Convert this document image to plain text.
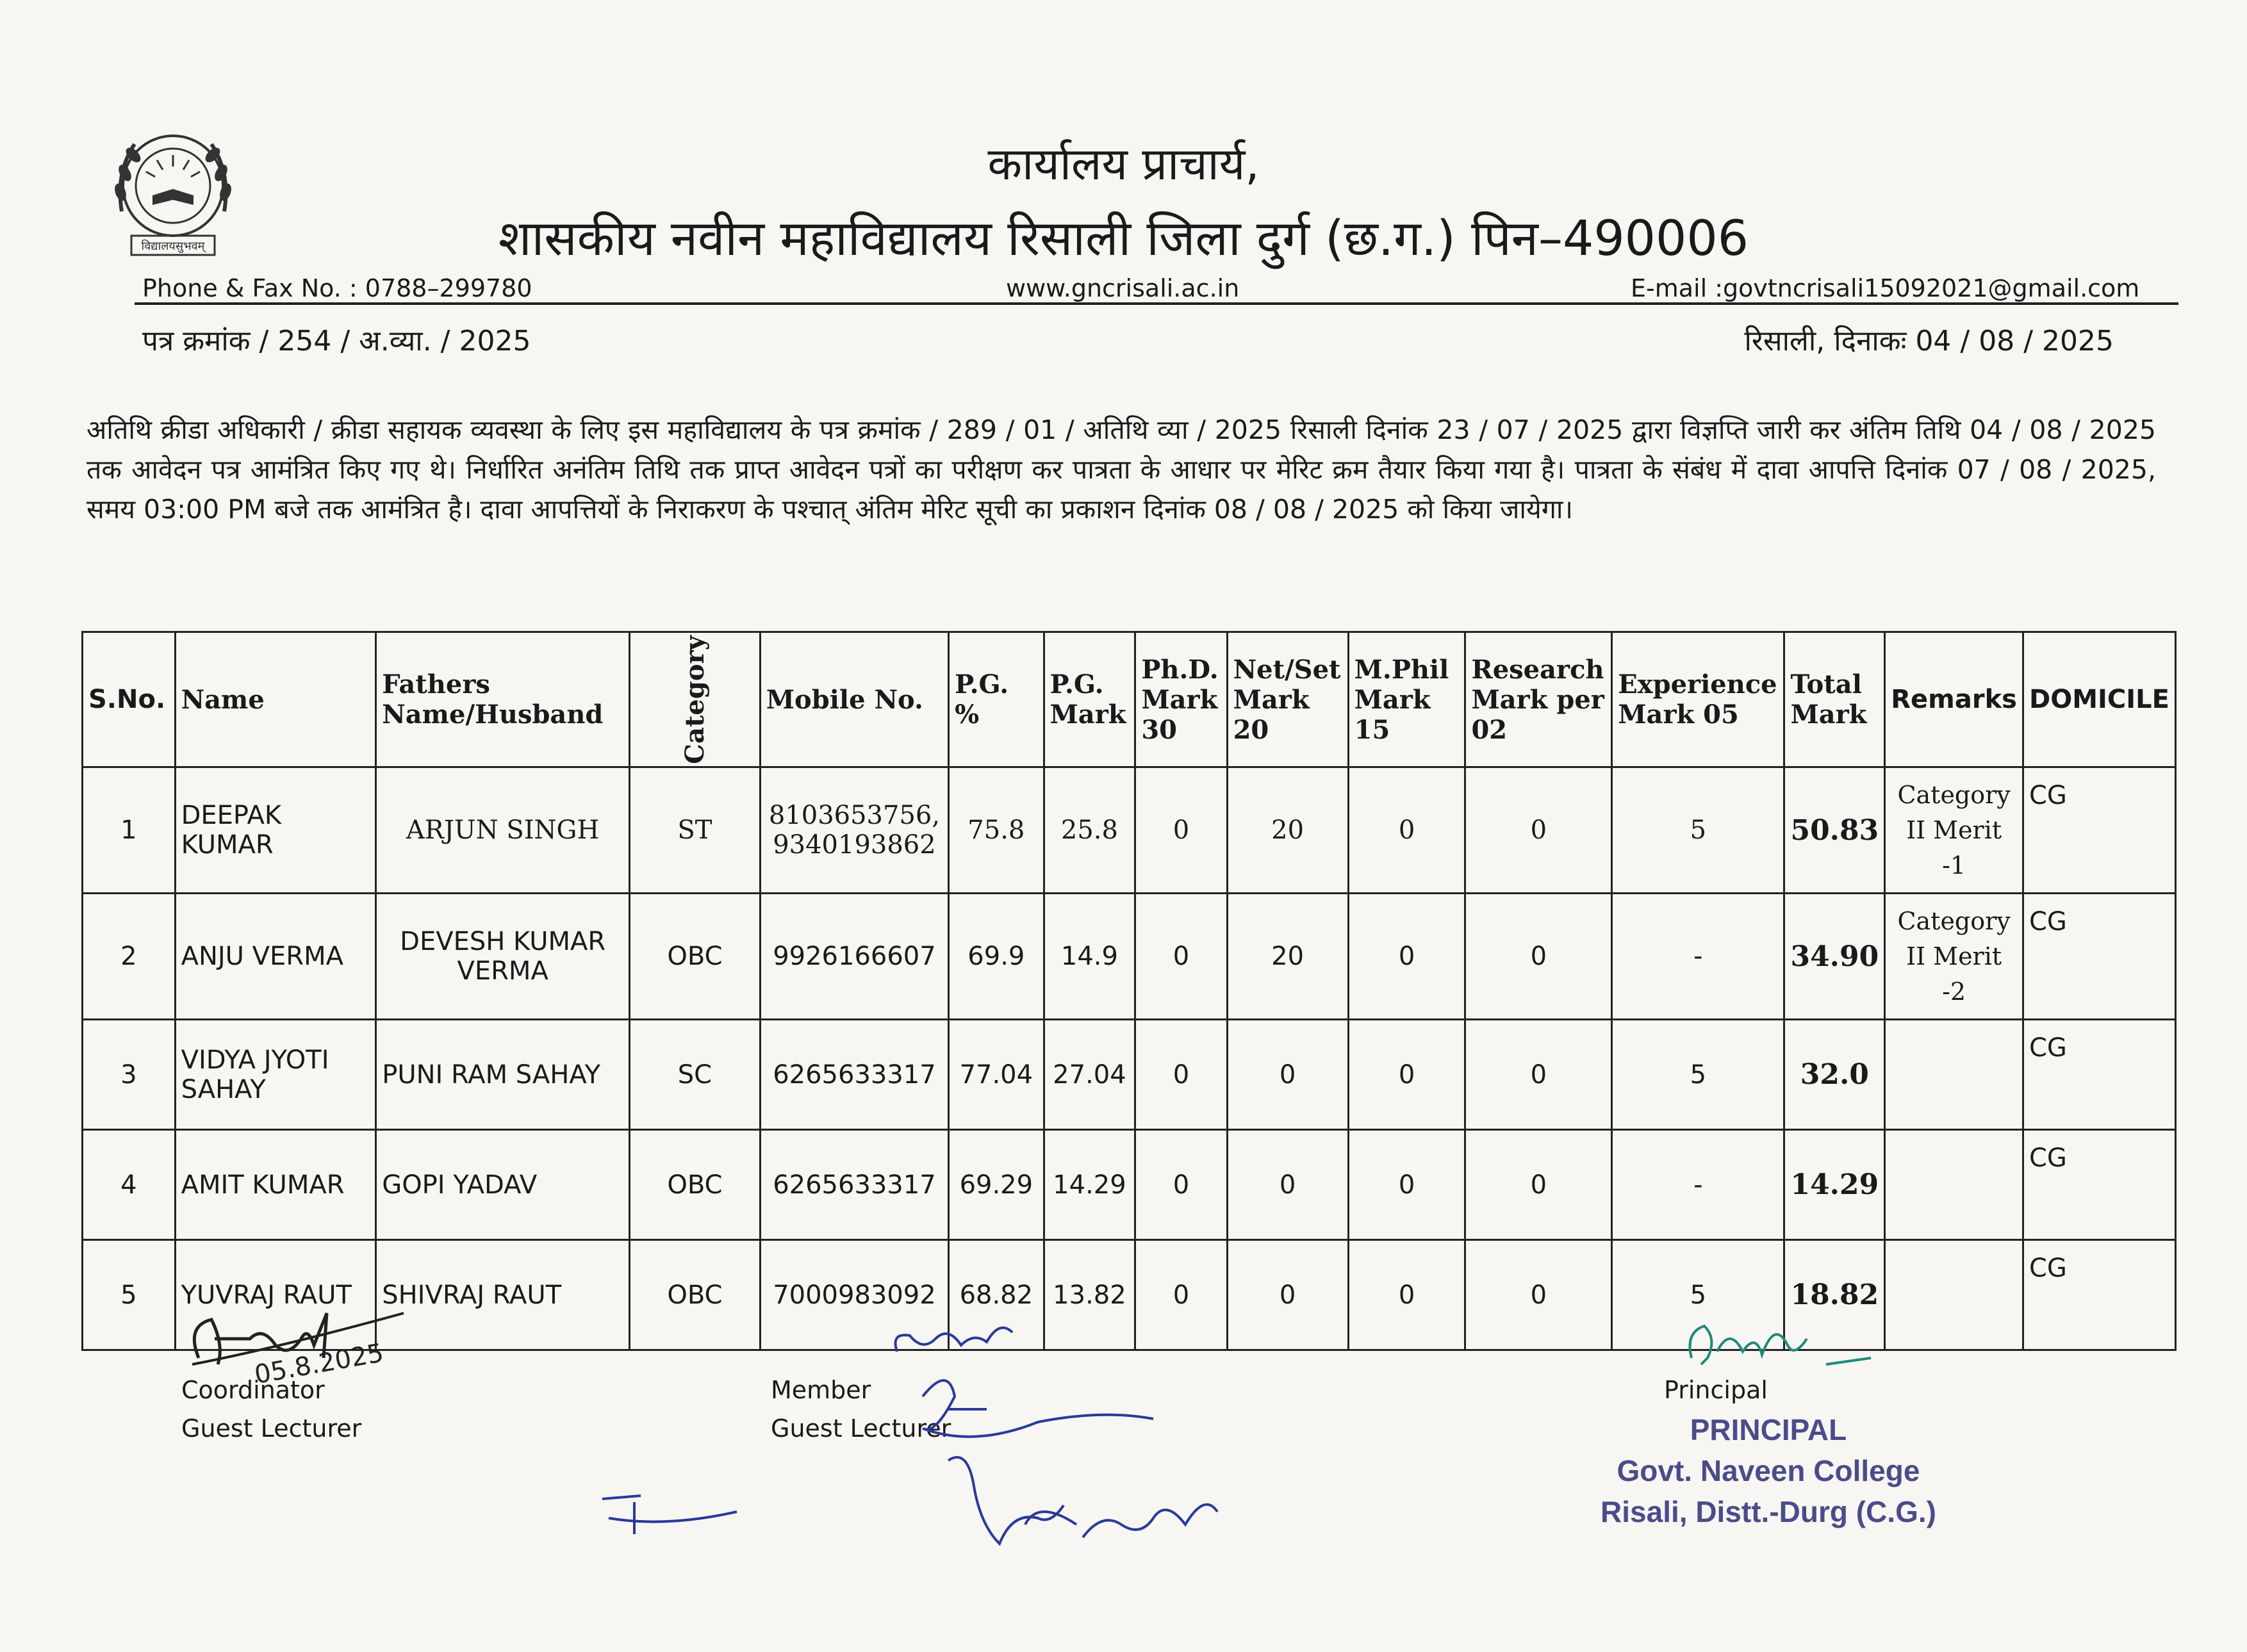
विद्यालयसुभवम्
कार्यालय प्राचार्य,
शासकीय नवीन महाविद्यालय रिसाली जिला दुर्ग (छ.ग.) पिन–490006
Phone & Fax No. : 0788–299780	www.gncrisali.ac.in	E-mail :govtncrisali15092021@gmail.com
पत्र क्रमांक / 254 / अ.व्या. / 2025	रिसाली, दिनाकः 04 / 08 / 2025
अतिथि क्रीडा अधिकारी / क्रीडा सहायक व्यवस्था के लिए इस महाविद्यालय के पत्र क्रमांक / 289 / 01 / अतिथि व्या / 2025 रिसाली दिनांक 23 / 07 / 2025 द्वारा विज्ञप्ति जारी कर अंतिम तिथि 04 / 08 / 2025 तक आवेदन पत्र आमंत्रित किए गए थे। निर्धारित अनंतिम तिथि तक प्राप्त आवेदन पत्रों का परीक्षण कर पात्रता के आधार पर मेरिट क्रम तैयार किया गया है। पात्रता के संबंध में दावा आपत्ति दिनांक 07 / 08 / 2025, समय 03:00 PM बजे तक आमंत्रित है। दावा आपत्तियों के निराकरण के पश्चात् अंतिम मेरिट सूची का प्रकाशन दिनांक 08 / 08 / 2025 को किया जायेगा।
S.No.	Name	Fathers Name/Husband	Category	Mobile No.	P.G. %	P.G. Mark	Ph.D. Mark 30	Net/Set Mark 20	M.Phil Mark 15	Research Mark per 02	Experience Mark 05	Total Mark	Remarks	DOMICILE
1	DEEPAK KUMAR	ARJUN SINGH	ST	8103653756, 9340193862	75.8	25.8	0	20	0	0	5	50.83	Category II Merit -1	CG
2	ANJU VERMA	DEVESH KUMAR VERMA	OBC	9926166607	69.9	14.9	0	20	0	0	-	34.90	Category II Merit -2	CG
3	VIDYA JYOTI SAHAY	PUNI RAM SAHAY	SC	6265633317	77.04	27.04	0	0	0	0	5	32.0		CG
4	AMIT KUMAR	GOPI YADAV	OBC	6265633317	69.29	14.29	0	0	0	0	-	14.29		CG
5	YUVRAJ RAUT	SHIVRAJ RAUT	OBC	7000983092	68.82	13.82	0	0	0	0	5	18.82		CG
Coordinator
Guest Lecturer
05.8.2025
Member
Guest Lecturer
Principal
PRINCIPAL
Govt. Naveen College
Risali, Distt.-Durg (C.G.)
